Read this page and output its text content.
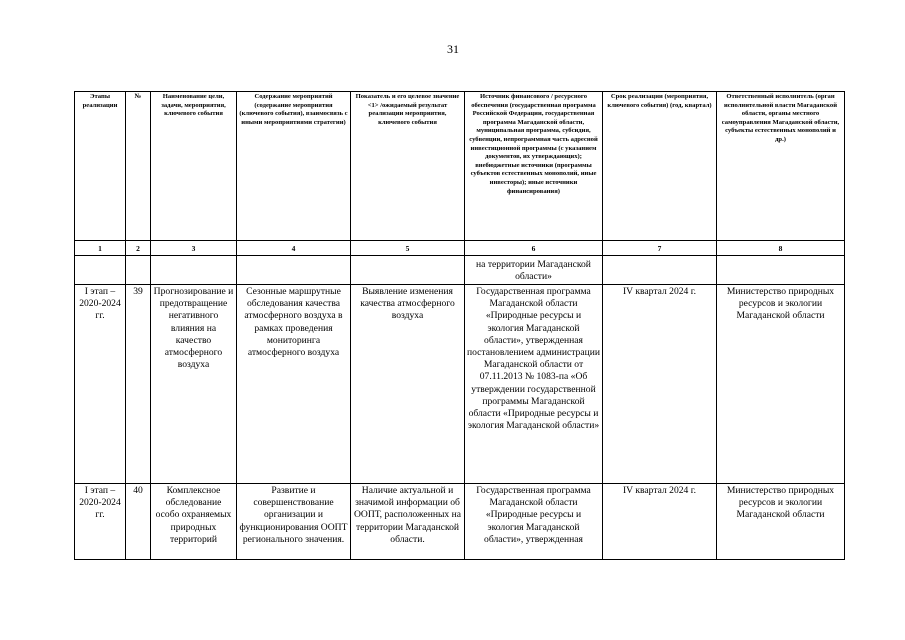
31
Этапы реализации	№	Наименование цели, задачи, мероприятия, ключевого события	Содержание мероприятий (содержание мероприятия (ключевого события), взаимосвязь с иными мероприятиями стратегии)	Показатель и его целевое значение <1> /ожидаемый результат реализации мероприятия, ключевого события	Источник финансового / ресурсного обеспечения (государственная программа Российской Федерации, государственная программа Магаданской области, муниципальная программа, субсидия, субвенции, непрограммная часть адресной инвестиционной программы (с указанием документов, их утверждающих); внебюджетные источники (программы субъектов естественных монополий, иные инвесторы); иные источники финансирования)	Срок реализации (мероприятия, ключевого события) (год, квартал)	Ответственный исполнитель (орган исполнительной власти Магаданской области, органы местного самоуправления Магаданской области, субъекты естественных монополий и др.)
1	2	3	4	5	6	7	8
					на территории Магаданской области»		
I этап – 2020-2024 гг.	39	Прогнозирование и предотвращение негативного влияния на качество атмосферного воздуха	Сезонные маршрутные обследования качества атмосферного воздуха в рамках проведения мониторинга атмосферного воздуха	Выявление изменения качества атмосферного воздуха	Государственная программа Магаданской области «Природные ресурсы и экология Магаданской области», утвержденная постановлением администрации Магаданской области от 07.11.2013 № 1083-па «Об утверждении государственной программы Магаданской области «Природные ресурсы и экология Магаданской области»	IV квартал 2024 г.	Министерство природных ресурсов и экологии Магаданской области
I этап – 2020-2024 гг.	40	Комплексное обследование особо охраняемых природных территорий	Развитие и совершенствование организации и функционирования ООПТ регионального значения.	Наличие актуальной и значимой информации об ООПТ, расположенных на территории Магаданской области.	Государственная программа Магаданской области «Природные ресурсы и экология Магаданской области», утвержденная	IV квартал 2024 г.	Министерство природных ресурсов и экологии Магаданской области
